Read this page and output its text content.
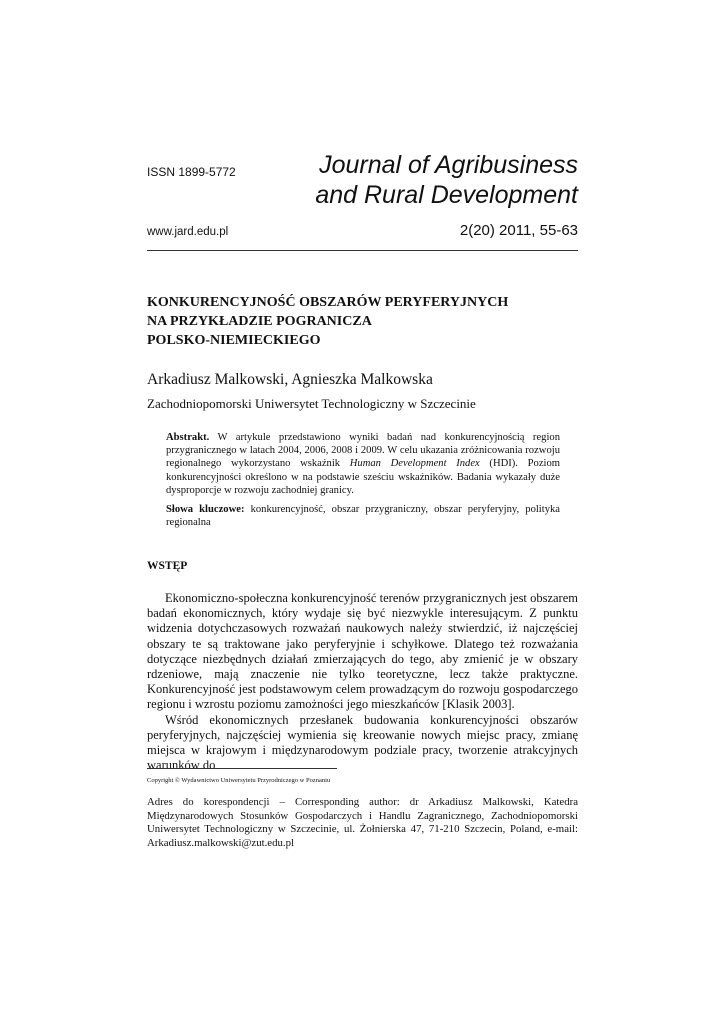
ISSN 1899-5772	Journal of Agribusiness
and Rural Development
www.jard.edu.pl	2(20) 2011, 55-63
KONKURENCYJNOŚĆ OBSZARÓW PERYFERYJNYCH
NA PRZYKŁADZIE POGRANICZA
POLSKO-NIEMIECKIEGO
Arkadiusz Malkowski, Agnieszka Malkowska
Zachodniopomorski Uniwersytet Technologiczny w Szczecinie
Abstrakt. W artykule przedstawiono wyniki badań nad konkurencyjnością region przygranicznego w latach 2004, 2006, 2008 i 2009. W celu ukazania zróżnicowania rozwoju regionalnego wykorzystano wskaźnik Human Development Index (HDI). Poziom konkurencyjności określono w na podstawie sześciu wskaźników. Badania wykazały duże dysproporcje w rozwoju zachodniej granicy.
Słowa kluczowe: konkurencyjność, obszar przygraniczny, obszar peryferyjny, polityka regionalna
WSTĘP

Ekonomiczno-społeczna konkurencyjność terenów przygranicznych jest obszarem badań ekonomicznych, który wydaje się być niezwykle interesującym. Z punktu widzenia dotychczasowych rozważań naukowych należy stwierdzić, iż najczęściej obszary te są traktowane jako peryferyjnie i schyłkowe. Dlatego też rozważania dotyczące niezbędnych działań zmierzających do tego, aby zmienić je w obszary rdzeniowe, mają znaczenie nie tylko teoretyczne, lecz także praktyczne. Konkurencyjność jest podstawowym celem prowadzącym do rozwoju gospodarczego regionu i wzrostu poziomu zamożności jego mieszkańców [Klasik 2003].

Wśród ekonomicznych przesłanek budowania konkurencyjności obszarów peryferyjnych, najczęściej wymienia się kreowanie nowych miejsc pracy, zmianę miejsca w krajowym i międzynarodowym podziale pracy, tworzenie atrakcyjnych warunków do

Copyright © Wydawnictwo Uniwersytetu Przyrodniczego w Poznaniu
Adres do korespondencji – Corresponding author: dr Arkadiusz Malkowski, Katedra Międzynarodowych Stosunków Gospodarczych i Handlu Zagranicznego, Zachodniopomorski Uniwersytet Technologiczny w Szczecinie, ul. Żołnierska 47, 71-210 Szczecin, Poland, e-mail: Arkadiusz.malkowski@zut.edu.pl
